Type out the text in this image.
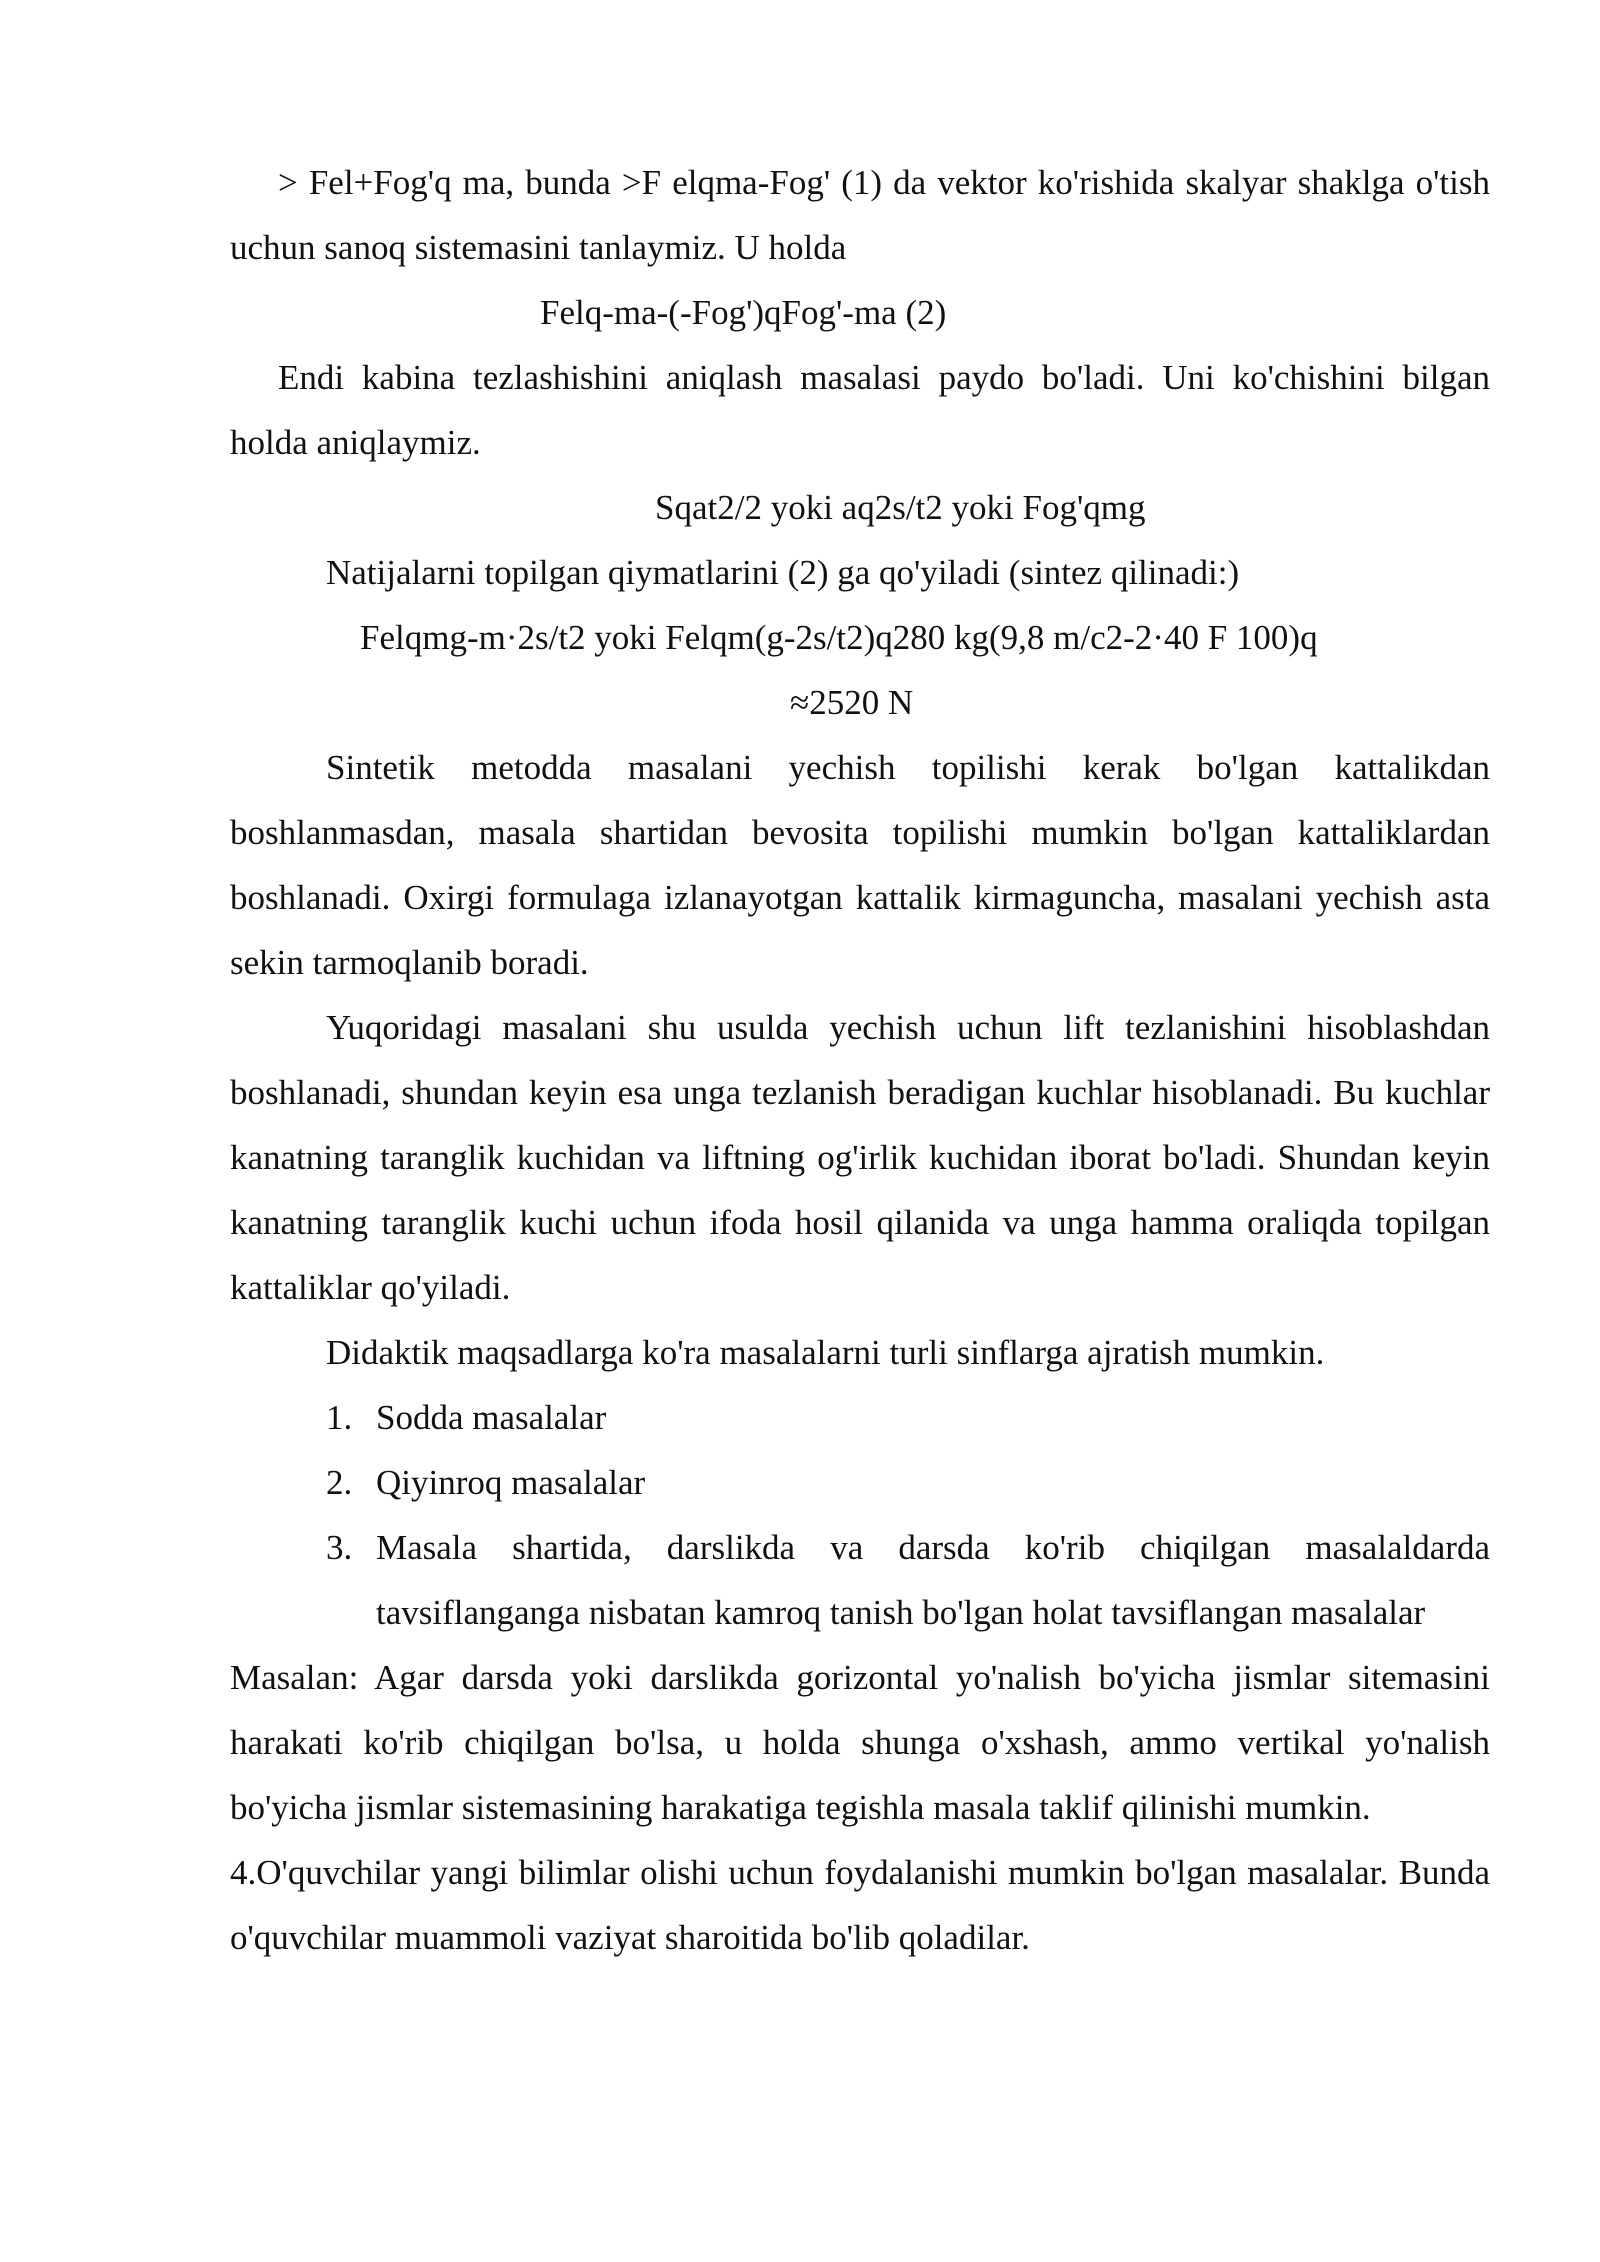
> Fel+Fog'q ma, bunda >F elqma-Fog' (1) da vektor ko'rishida skalyar shaklga o'tish uchun sanoq sistemasini tanlaymiz. U holda

Felq-ma-(-Fog')qFog'-ma (2)

Endi kabina tezlashishini aniqlash masalasi paydo bo'ladi. Uni ko'chishini bilgan holda aniqlaymiz.

Sqat2/2 yoki aq2s/t2 yoki Fog'qmg

Natijalarni topilgan qiymatlarini (2) ga qo'yiladi (sintez qilinadi:)

Felqmg-m·2s/t2 yoki Felqm(g-2s/t2)q280 kg(9,8 m/c2-2·40 F 100)q

≈2520 N

Sintetik metodda masalani yechish topilishi kerak bo'lgan kattalikdan boshlanmasdan, masala shartidan bevosita topilishi mumkin bo'lgan kattaliklardan boshlanadi. Oxirgi formulaga izlanayotgan kattalik kirmaguncha, masalani yechish asta sekin tarmoqlanib boradi.

Yuqoridagi masalani shu usulda yechish uchun lift tezlanishini hisoblashdan boshlanadi, shundan keyin esa unga tezlanish beradigan kuchlar hisoblanadi. Bu kuchlar kanatning taranglik kuchidan va liftning og'irlik kuchidan iborat bo'ladi. Shundan keyin kanatning taranglik kuchi uchun ifoda hosil qilanida va unga hamma oraliqda topilgan kattaliklar qo'yiladi.

Didaktik maqsadlarga ko'ra masalalarni turli sinflarga ajratish mumkin.

1. Sodda masalalar
2. Qiyinroq masalalar
3. Masala shartida, darslikda va darsda ko'rib chiqilgan masalaldarda tavsiflanganga nisbatan kamroq tanish bo'lgan holat tavsiflangan masalalar

Masalan: Agar darsda yoki darslikda gorizontal yo'nalish bo'yicha jismlar sitemasini harakati ko'rib chiqilgan bo'lsa, u holda shunga o'xshash, ammo vertikal yo'nalish bo'yicha jismlar sistemasining harakatiga tegishla masala taklif qilinishi mumkin.

4.O'quvchilar yangi bilimlar olishi uchun foydalanishi mumkin bo'lgan masalalar. Bunda o'quvchilar muammoli vaziyat sharoitida bo'lib qoladilar.
